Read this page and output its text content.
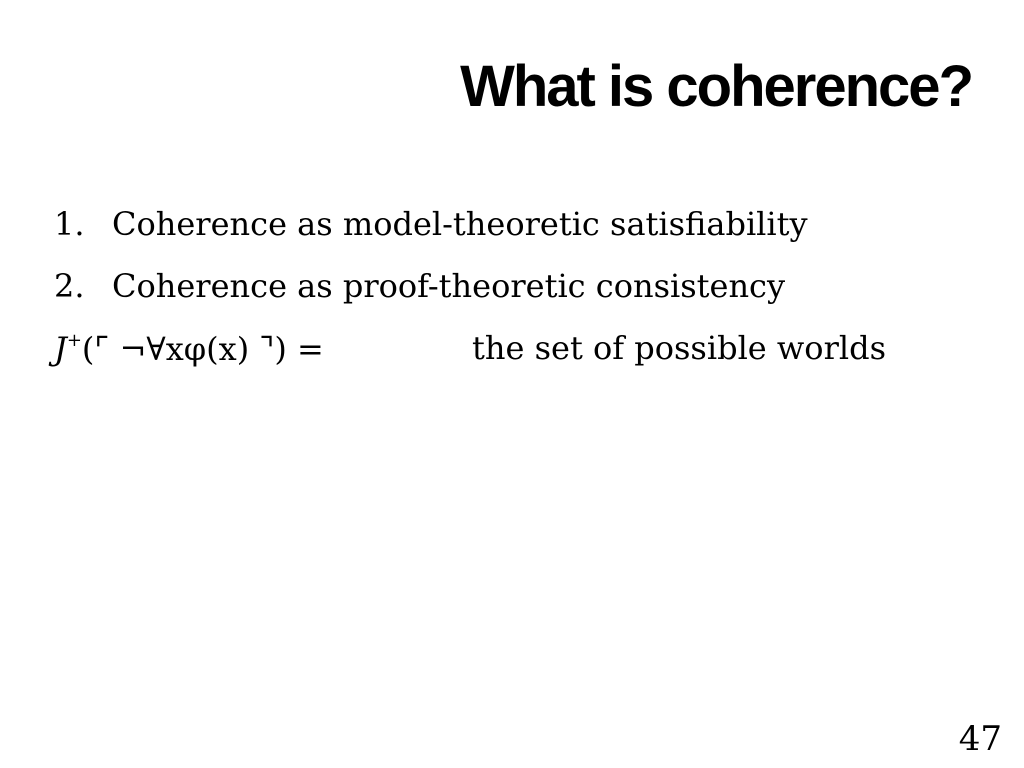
What is coherence?
1. Coherence as model-theoretic satisfiability
2. Coherence as proof-theoretic consistency
J+(⌜ ¬∀xφ(x) ⌝) =	the set of possible worlds
47
